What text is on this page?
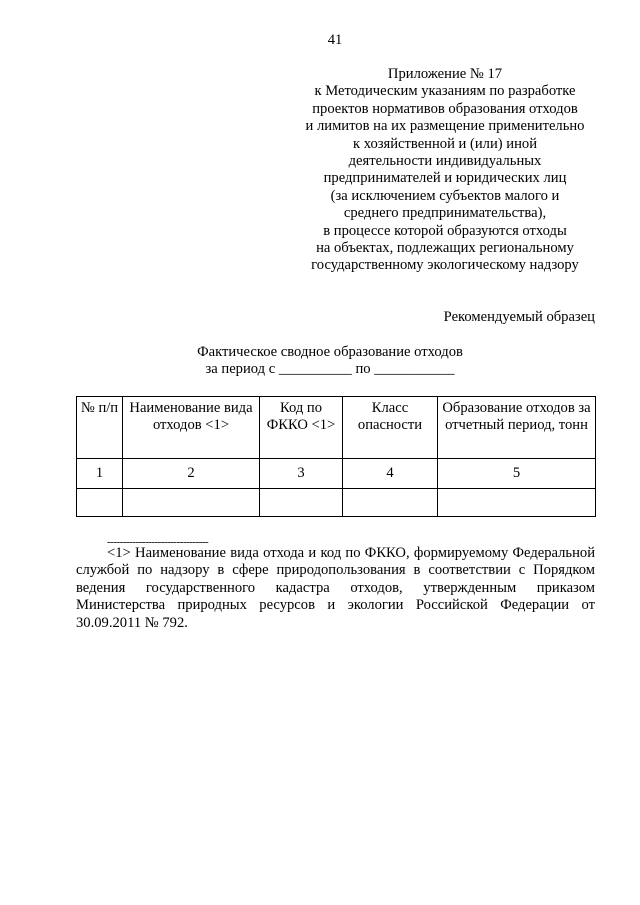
41
Приложение № 17
к Методическим указаниям по разработке
проектов нормативов образования отходов
и лимитов на их размещение применительно
к хозяйственной и (или) иной
деятельности индивидуальных
предпринимателей и юридических лиц
(за исключением субъектов малого и
среднего предпринимательства),
в процессе которой образуются отходы
на объектах, подлежащих региональному
государственному экологическому надзору
Рекомендуемый образец
Фактическое сводное образование отходов
за период с __________ по ___________
№ п/п	Наименование вида отходов <1>	Код по ФККО <1>	Класс опасности	Образование отходов за отчетный период, тонн
1	2	3	4	5

--------------------------------
<1> Наименование вида отхода и код по ФККО, формируемому Федеральной службой по надзору в сфере природопользования в соответствии с Порядком ведения государственного кадастра отходов, утвержденным приказом Министерства природных ресурсов и экологии Российской Федерации от 30.09.2011 № 792.
